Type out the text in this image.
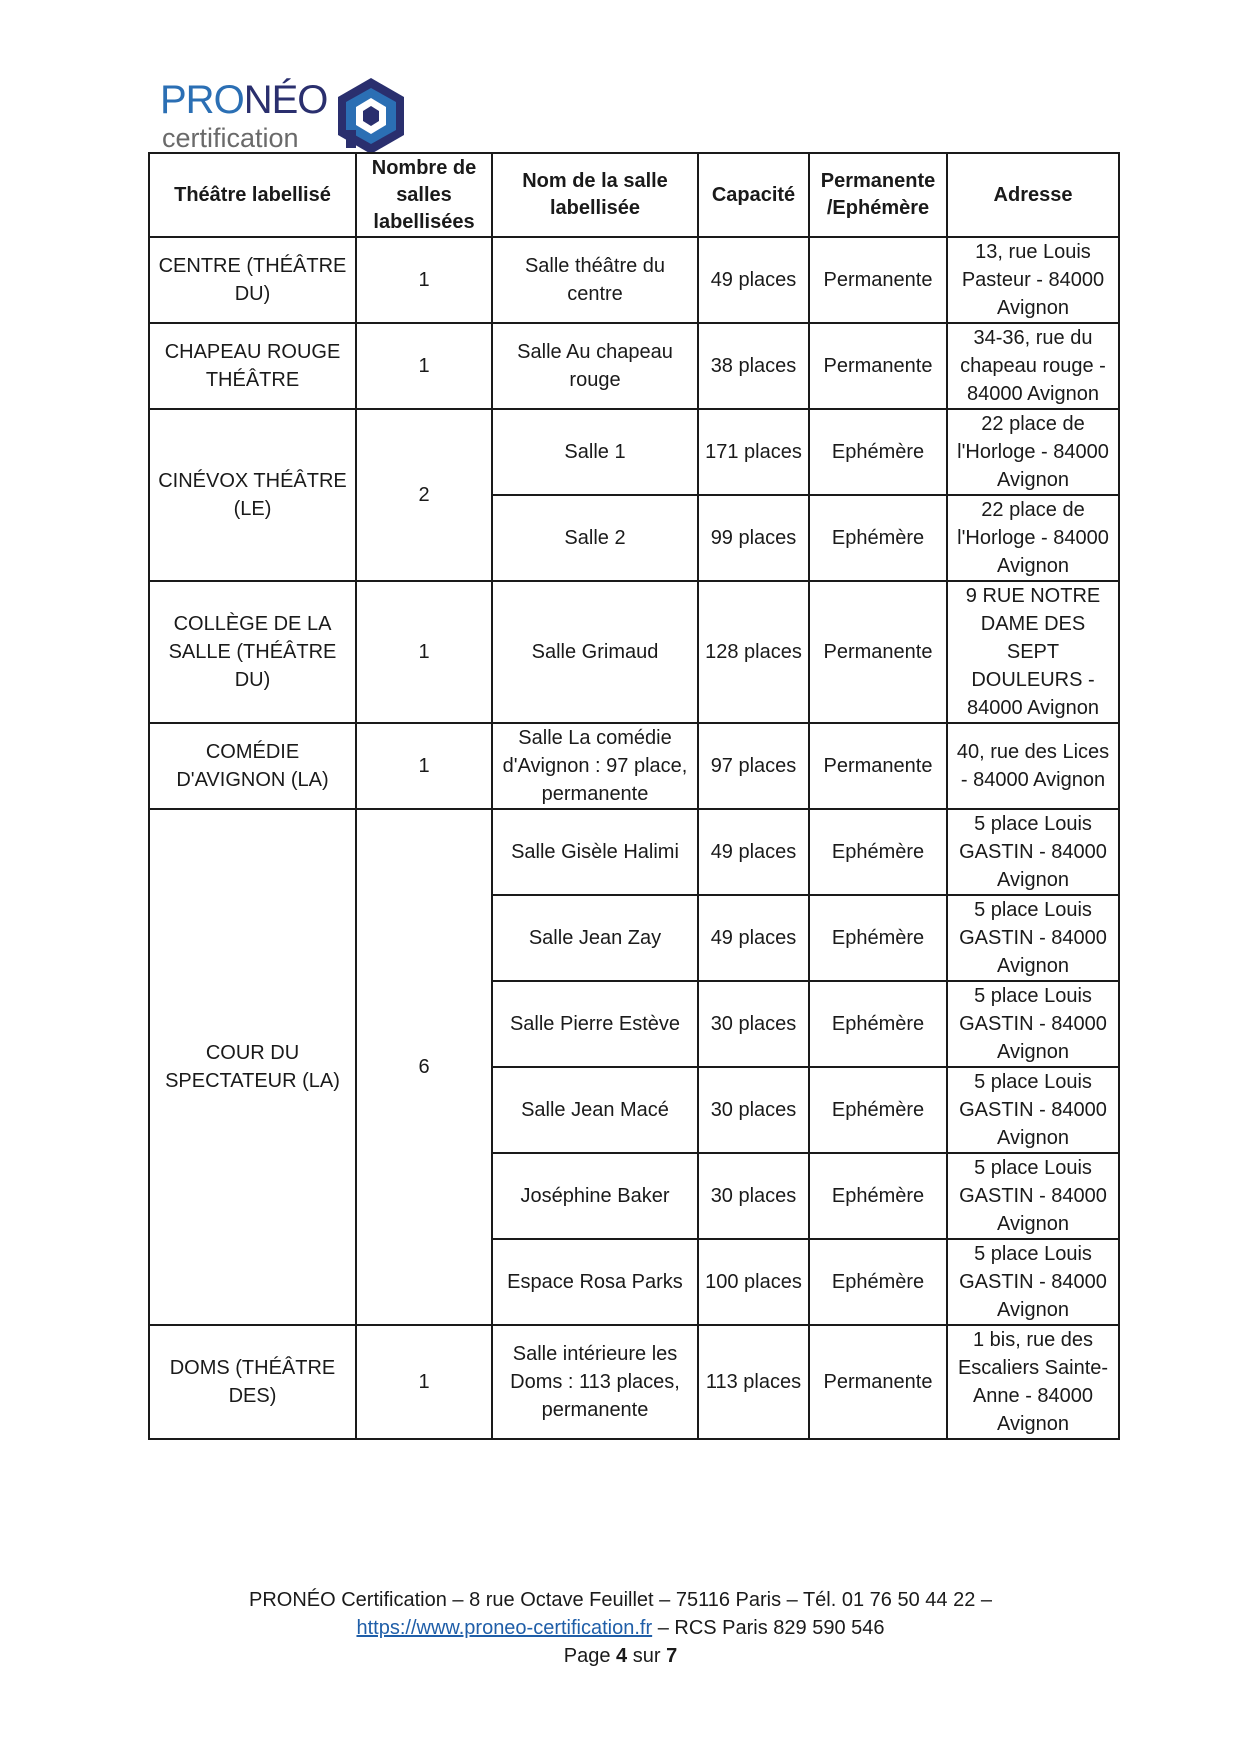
PRONÉO
certification
Théâtre labellisé	Nombre de salles labellisées	Nom de la salle labellisée	Capacité	Permanente /Ephémère	Adresse
CENTRE (THÉÂTRE DU)	1	Salle théâtre du centre	49 places	Permanente	13, rue Louis Pasteur - 84000 Avignon
CHAPEAU ROUGE THÉÂTRE	1	Salle Au chapeau rouge	38 places	Permanente	34-36, rue du chapeau rouge - 84000 Avignon
CINÉVOX THÉÂTRE (LE)	2	Salle 1	171 places	Ephémère	22 place de l'Horloge - 84000 Avignon
		Salle 2	99 places	Ephémère	22 place de l'Horloge - 84000 Avignon
COLLÈGE DE LA SALLE (THÉÂTRE DU)	1	Salle Grimaud	128 places	Permanente	9 RUE NOTRE DAME DES SEPT DOULEURS - 84000 Avignon
COMÉDIE D'AVIGNON (LA)	1	Salle La comédie d'Avignon : 97 place, permanente	97 places	Permanente	40, rue des Lices - 84000 Avignon
COUR DU SPECTATEUR (LA)	6	Salle Gisèle Halimi	49 places	Ephémère	5 place Louis GASTIN - 84000 Avignon
		Salle Jean Zay	49 places	Ephémère	5 place Louis GASTIN - 84000 Avignon
		Salle Pierre Estève	30 places	Ephémère	5 place Louis GASTIN - 84000 Avignon
		Salle Jean Macé	30 places	Ephémère	5 place Louis GASTIN - 84000 Avignon
		Joséphine Baker	30 places	Ephémère	5 place Louis GASTIN - 84000 Avignon
		Espace Rosa Parks	100 places	Ephémère	5 place Louis GASTIN - 84000 Avignon
DOMS (THÉÂTRE DES)	1	Salle intérieure les Doms : 113 places, permanente	113 places	Permanente	1 bis, rue des Escaliers Sainte-Anne - 84000 Avignon
PRONÉO Certification – 8 rue Octave Feuillet – 75116 Paris – Tél. 01 76 50 44 22 –
https://www.proneo-certification.fr – RCS Paris 829 590 546
Page 4 sur 7
